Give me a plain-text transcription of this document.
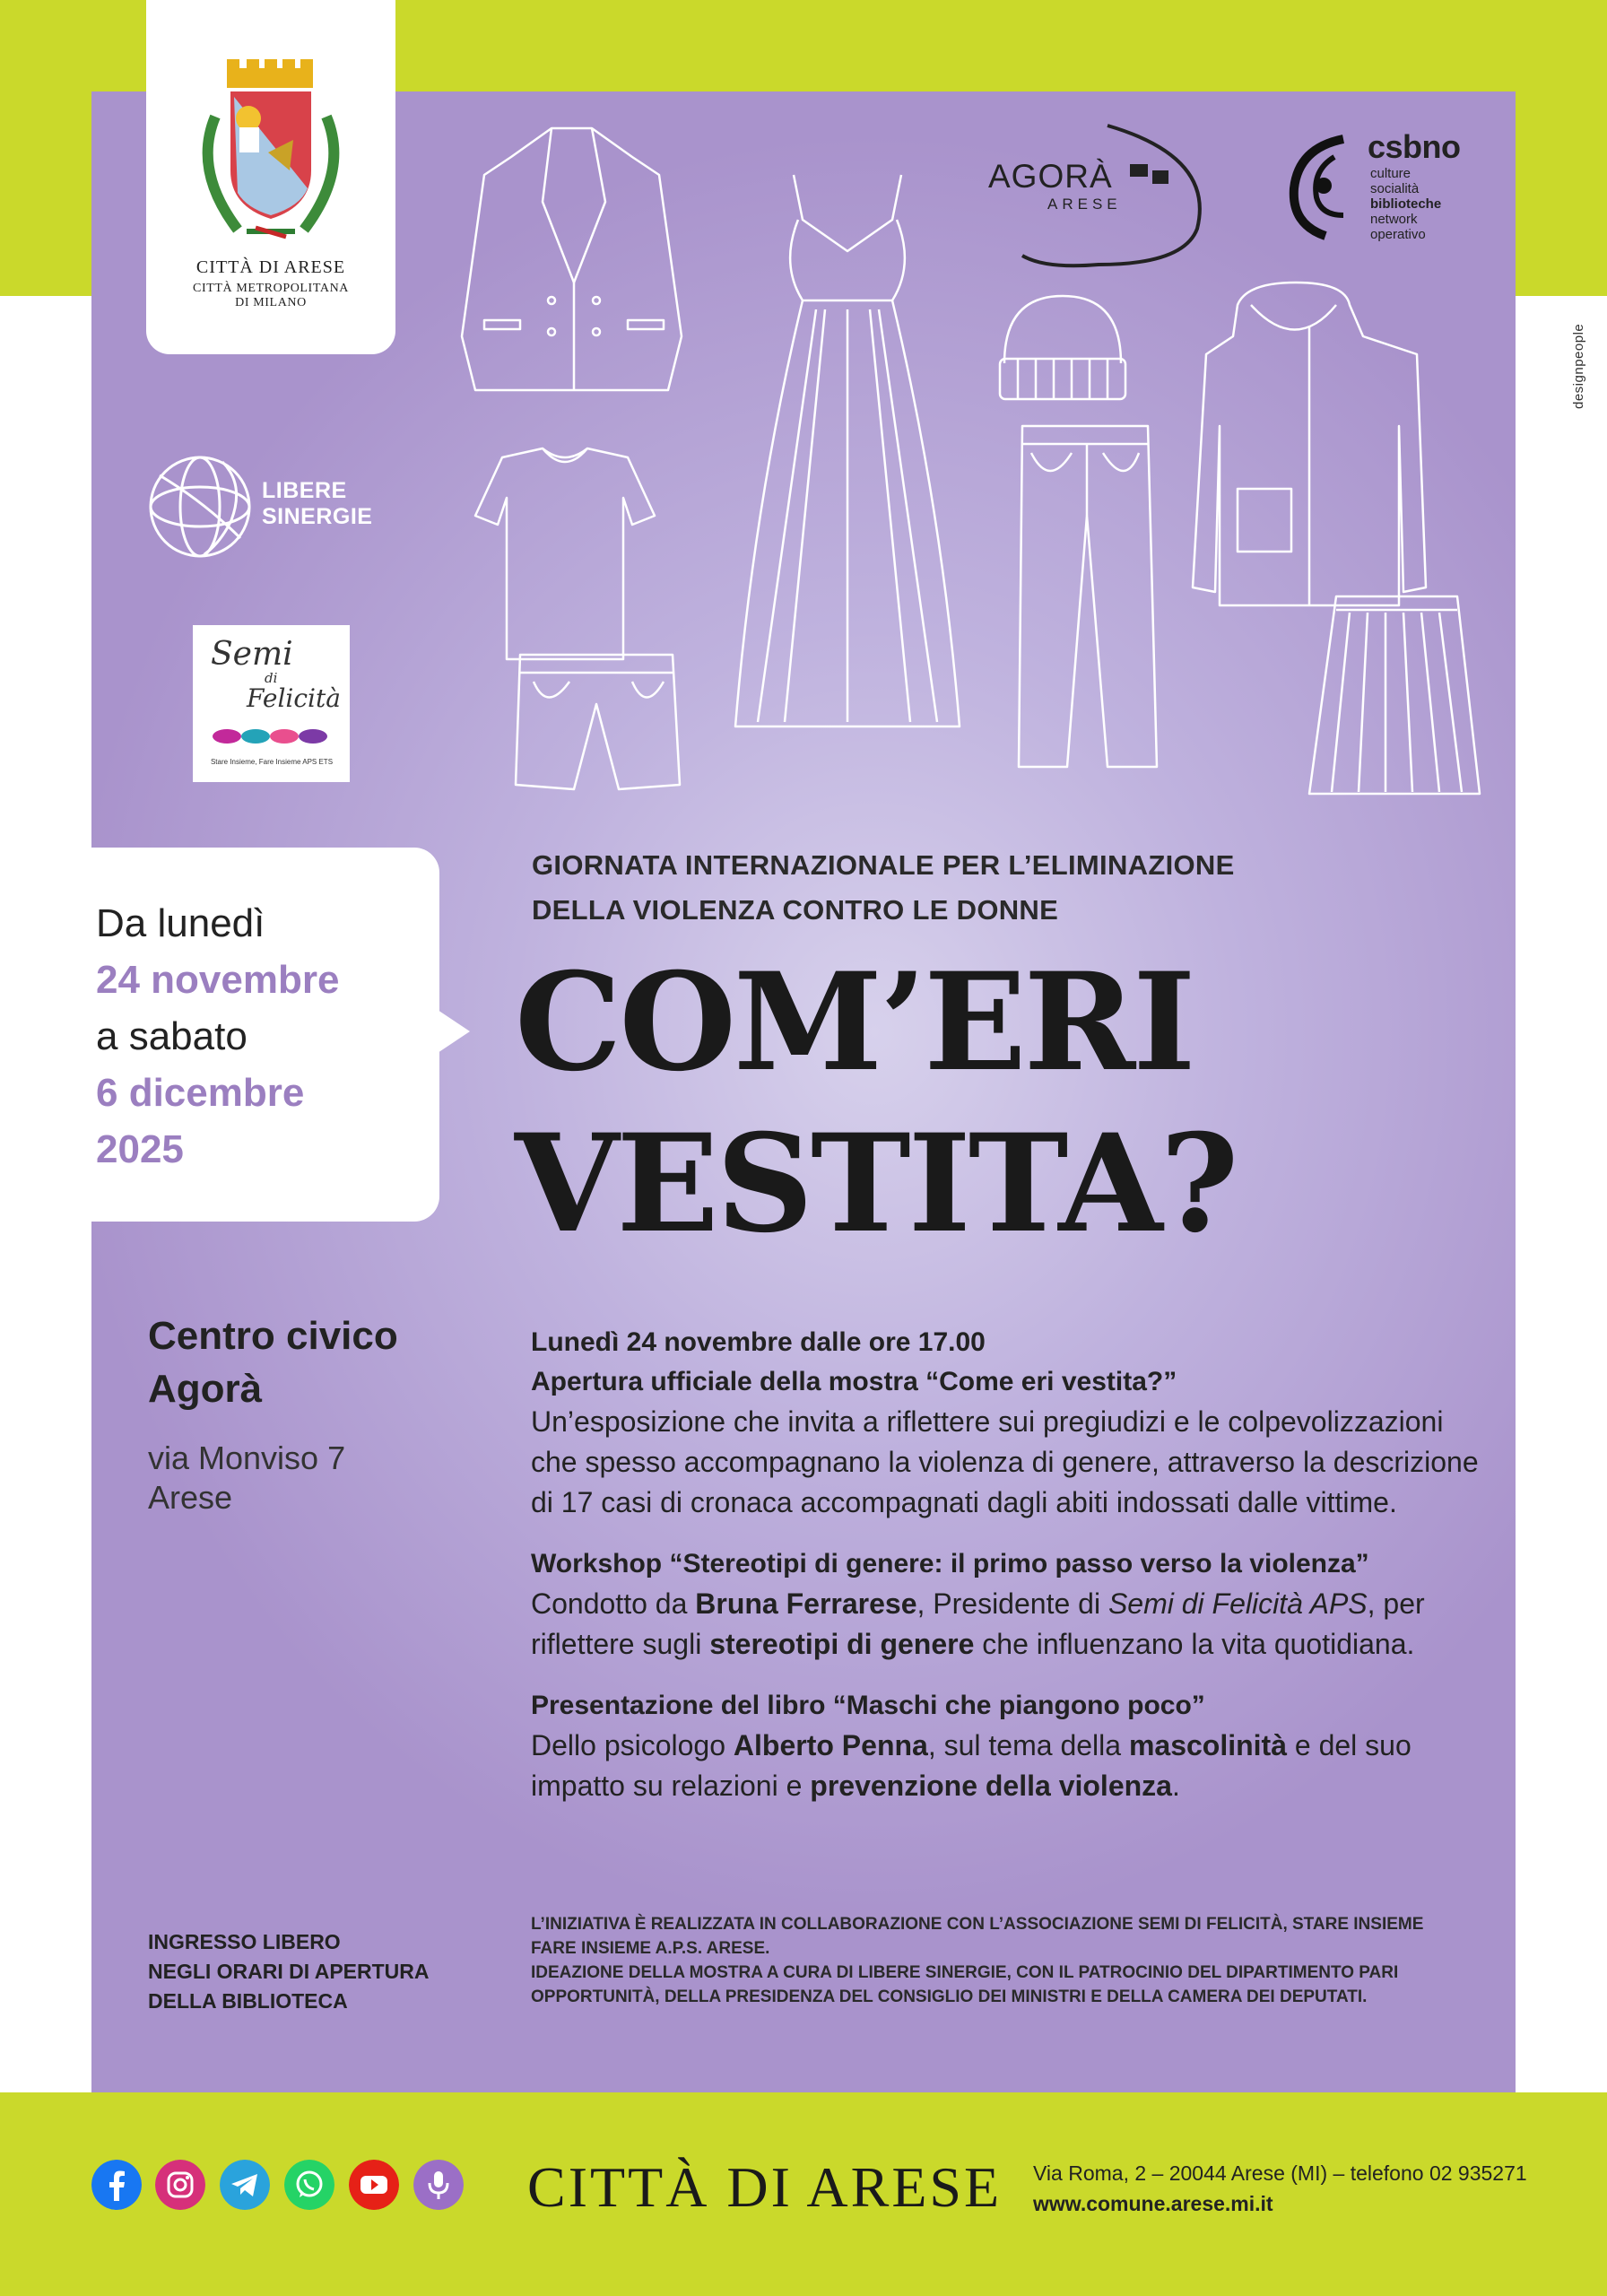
designpeople
CITTÀ DI ARESE
CITTÀ METROPOLITANA
DI MILANO
LIBERE
SINERGIE
Semi
di
Felicità
Stare Insieme, Fare Insieme APS ETS
AGORÀ
ARESE
csbno
culture
socialità
biblioteche
network
operativo
Da lunedì
24 novembre
a sabato
6 dicembre
2025
GIORNATA INTERNAZIONALE PER L’ELIMINAZIONE
DELLA VIOLENZA CONTRO LE DONNE
COM’ERI
VESTITA?
Centro civico
Agorà
via Monviso 7
Arese
Lunedì 24 novembre dalle ore 17.00
Apertura ufficiale della mostra “Come eri vestita?”
Un’esposizione che invita a riflettere sui pregiudizi e le colpevolizzazioni che spesso accompagnano la violenza di genere, attraverso la descrizione di 17 casi di cronaca accompagnati dagli abiti indossati dalle vittime.
Workshop “Stereotipi di genere: il primo passo verso la violenza”
Condotto da Bruna Ferrarese, Presidente di Semi di Felicità APS, per riflettere sugli stereotipi di genere che influenzano la vita quotidiana.
Presentazione del libro “Maschi che piangono poco”
Dello psicologo Alberto Penna, sul tema della mascolinità e del suo impatto su relazioni e prevenzione della violenza.
INGRESSO LIBERO
NEGLI ORARI DI APERTURA
DELLA BIBLIOTECA
L’INIZIATIVA È REALIZZATA IN COLLABORAZIONE CON L’ASSOCIAZIONE SEMI DI FELICITÀ, STARE INSIEME
FARE INSIEME A.P.S. ARESE.
IDEAZIONE DELLA MOSTRA A CURA DI LIBERE SINERGIE, CON IL PATROCINIO DEL DIPARTIMENTO PARI
OPPORTUNITÀ, DELLA PRESIDENZA DEL CONSIGLIO DEI MINISTRI E DELLA CAMERA DEI DEPUTATI.
CITTÀ DI ARESE Via Roma, 2 – 20044 Arese (MI) – telefono 02 935271
www.comune.arese.mi.it
